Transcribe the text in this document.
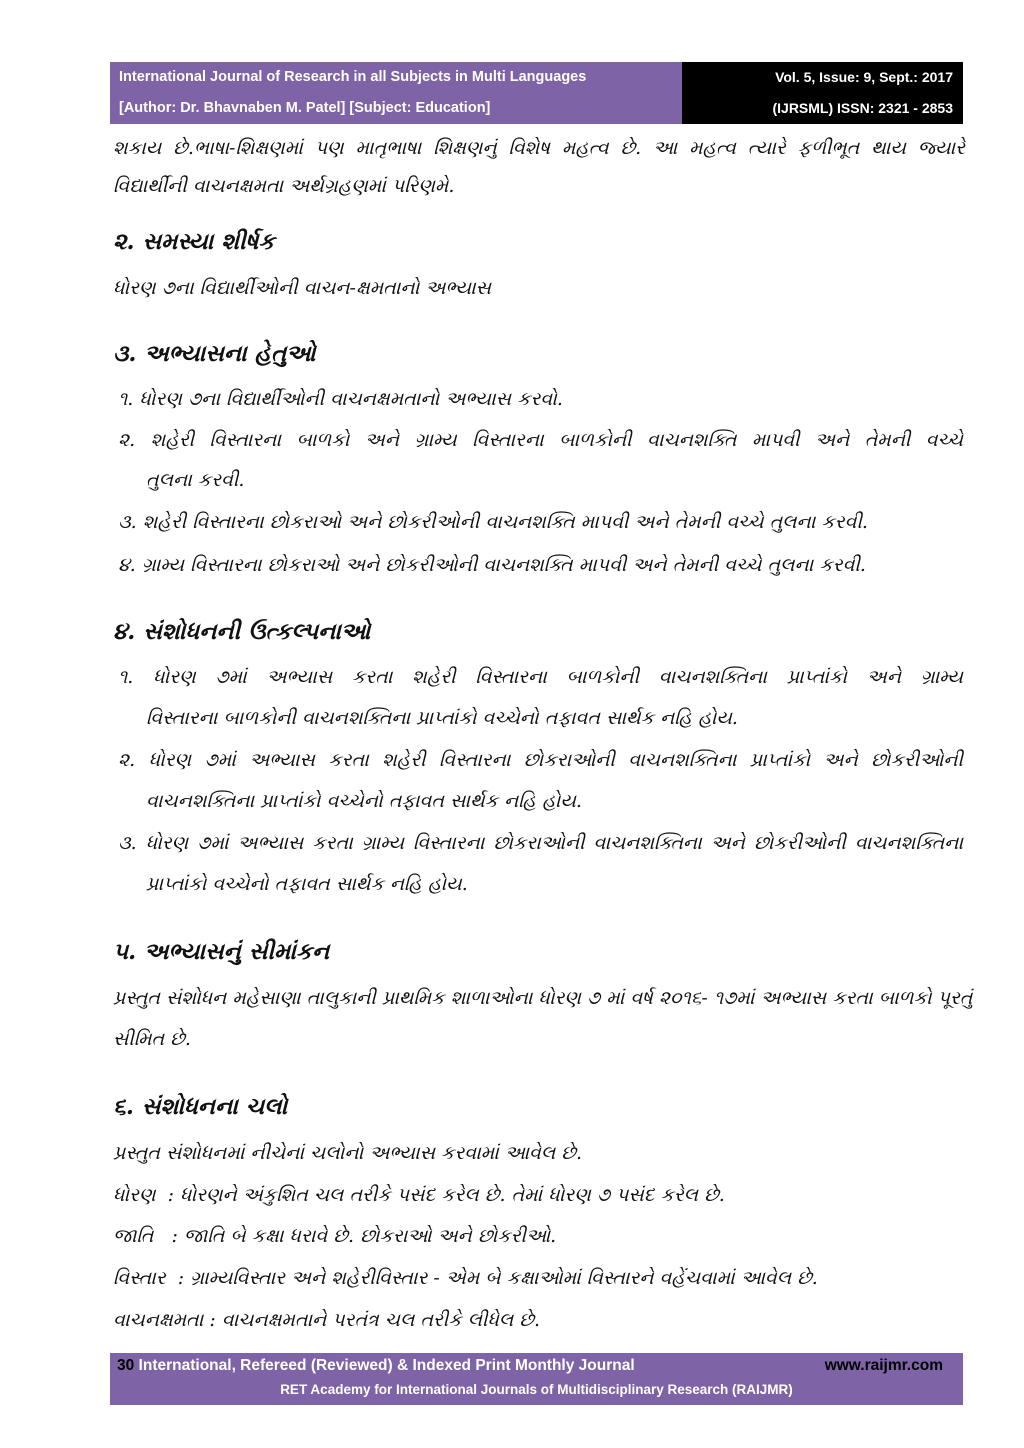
International Journal of Research in all Subjects in Multi Languages
[Author: Dr. Bhavnaben M. Patel] [Subject: Education]
Vol. 5, Issue: 9, Sept.: 2017
(IJRSML) ISSN: 2321 - 2853
શકાય છે.ભાષા-શિક્ષણમાં પણ માતૃભાષા શિક્ષણનું વિશેષ મહત્વ છે. આ મહત્વ ત્યારે ફળીભૂત થાય જ્યારે
વિદ્યાર્થીની વાચનક્ષમતા અર્થગ્રહણમાં પરિણમે.
૨. સમસ્યા શીર્ષક
ધોરણ ૭ના વિદ્યાર્થીઓની વાચન-ક્ષમતાનો અભ્યાસ
૩. અભ્યાસના હેતુઓ
૧. ધોરણ ૭ના વિદ્યાર્થીઓની વાચનક્ષમતાનો અભ્યાસ કરવો.
૨. શહેરી વિસ્તારના બાળકો અને ગ્રામ્ય વિસ્તારના બાળકોની વાચનશક્તિ માપવી અને તેમની વચ્ચે
તુલના કરવી.
૩. શહેરી વિસ્તારના છોકરાઓ અને છોકરીઓની વાચનશક્તિ માપવી અને તેમની વચ્ચે તુલના કરવી.
૪. ગ્રામ્ય વિસ્તારના છોકરાઓ અને છોકરીઓની વાચનશક્તિ માપવી અને તેમની વચ્ચે તુલના કરવી.
૪. સંશોધનની ઉત્કલ્પનાઓ
૧. ધોરણ ૭માં અભ્યાસ કરતા શહેરી વિસ્તારના બાળકોની વાચનશક્તિના પ્રાપ્તાંકો અને ગ્રામ્ય
વિસ્તારના બાળકોની વાચનશક્તિના પ્રાપ્તાંકો વચ્ચેનો તફાવત સાર્થક નહિ હોય.
૨. ધોરણ ૭માં અભ્યાસ કરતા શહેરી વિસ્તારના છોકરાઓની વાચનશક્તિના પ્રાપ્તાંકો અને છોકરીઓની
વાચનશક્તિના પ્રાપ્તાંકો વચ્ચેનો તફાવત સાર્થક નહિ હોય.
૩. ધોરણ ૭માં અભ્યાસ કરતા ગ્રામ્ય વિસ્તારના છોકરાઓની વાચનશક્તિના અને છોકરીઓની વાચનશક્તિના
પ્રાપ્તાંકો વચ્ચેનો તફાવત સાર્થક નહિ હોય.
૫. અભ્યાસનું સીમાંકન
પ્રસ્તુત સંશોધન મહેસાણા તાલુકાની પ્રાથમિક શાળાઓના ધોરણ ૭ માં વર્ષ ૨૦૧૬- ૧૭માં અભ્યાસ કરતા બાળકો પૂરતું
સીમિત છે.
૬. સંશોધનના ચલો
પ્રસ્તુત સંશોધનમાં નીચેનાં ચલોનો અભ્યાસ કરવામાં આવેલ છે.
ધોરણ  : ધોરણને અંકુશિત ચલ તરીકે પસંદ કરેલ છે. તેમાં ધોરણ ૭ પસંદ કરેલ છે.
જાતિ   : જાતિ બે કક્ષા ધરાવે છે. છોકરાઓ અને છોકરીઓ.
વિસ્તાર  : ગ્રામ્યવિસ્તાર અને શહેરીવિસ્તાર - એમ બે કક્ષાઓમાં વિસ્તારને વહેંચવામાં આવેલ છે.
વાચનક્ષમતા : વાચનક્ષમતાને પરતંત્ર ચલ તરીકે લીધેલ છે.
30 International, Refereed (Reviewed) & Indexed Print Monthly Journal	www.raijmr.com
RET Academy for International Journals of Multidisciplinary Research (RAIJMR)
